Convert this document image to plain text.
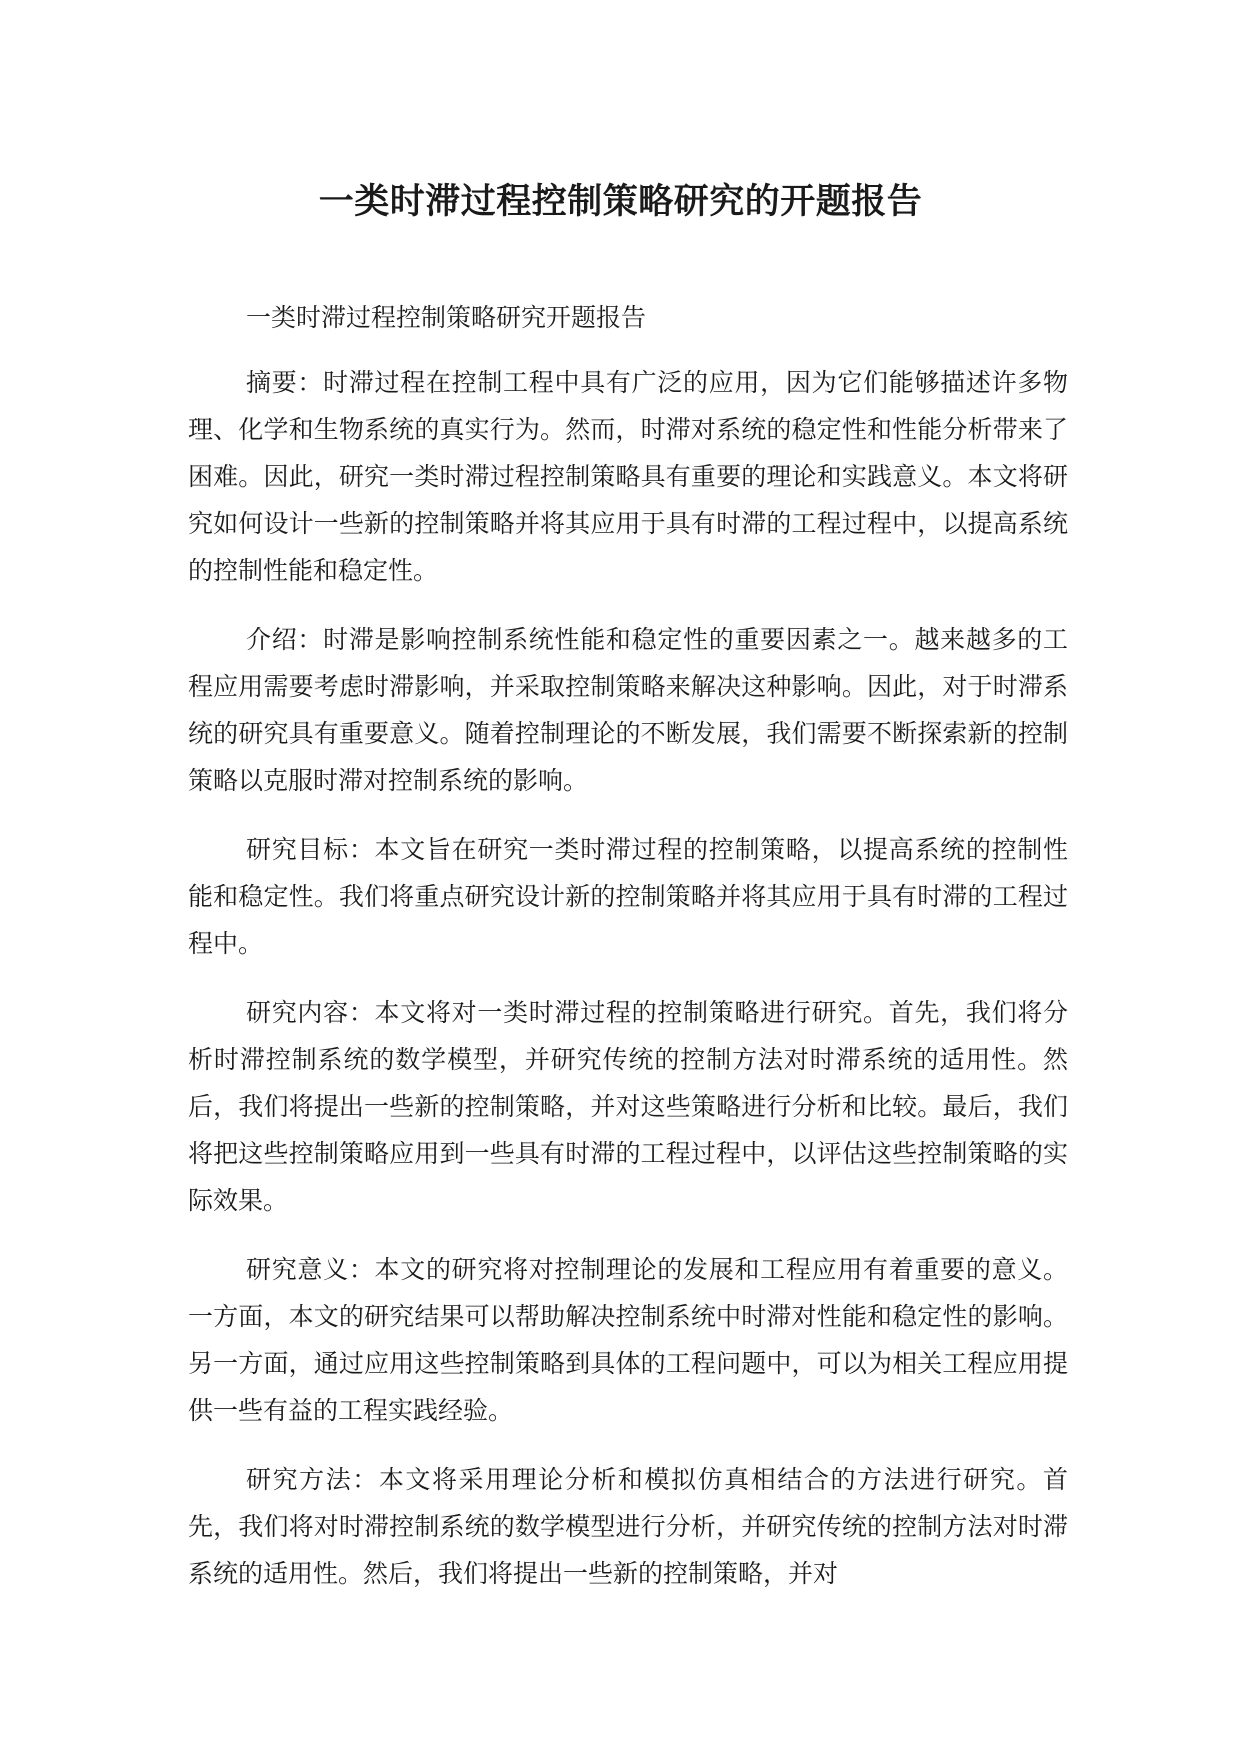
一类时滞过程控制策略研究的开题报告

一类时滞过程控制策略研究开题报告

摘要：时滞过程在控制工程中具有广泛的应用，因为它们能够描述许多物理、化学和生物系统的真实行为。然而，时滞对系统的稳定性和性能分析带来了困难。因此，研究一类时滞过程控制策略具有重要的理论和实践意义。本文将研究如何设计一些新的控制策略并将其应用于具有时滞的工程过程中，以提高系统的控制性能和稳定性。

介绍：时滞是影响控制系统性能和稳定性的重要因素之一。越来越多的工程应用需要考虑时滞影响，并采取控制策略来解决这种影响。因此，对于时滞系统的研究具有重要意义。随着控制理论的不断发展，我们需要不断探索新的控制策略以克服时滞对控制系统的影响。

研究目标：本文旨在研究一类时滞过程的控制策略，以提高系统的控制性能和稳定性。我们将重点研究设计新的控制策略并将其应用于具有时滞的工程过程中。

研究内容：本文将对一类时滞过程的控制策略进行研究。首先，我们将分析时滞控制系统的数学模型，并研究传统的控制方法对时滞系统的适用性。然后，我们将提出一些新的控制策略，并对这些策略进行分析和比较。最后，我们将把这些控制策略应用到一些具有时滞的工程过程中，以评估这些控制策略的实际效果。

研究意义：本文的研究将对控制理论的发展和工程应用有着重要的意义。一方面，本文的研究结果可以帮助解决控制系统中时滞对性能和稳定性的影响。另一方面，通过应用这些控制策略到具体的工程问题中，可以为相关工程应用提供一些有益的工程实践经验。

研究方法：本文将采用理论分析和模拟仿真相结合的方法进行研究。首先，我们将对时滞控制系统的数学模型进行分析，并研究传统的控制方法对时滞系统的适用性。然后，我们将提出一些新的控制策略，并对
